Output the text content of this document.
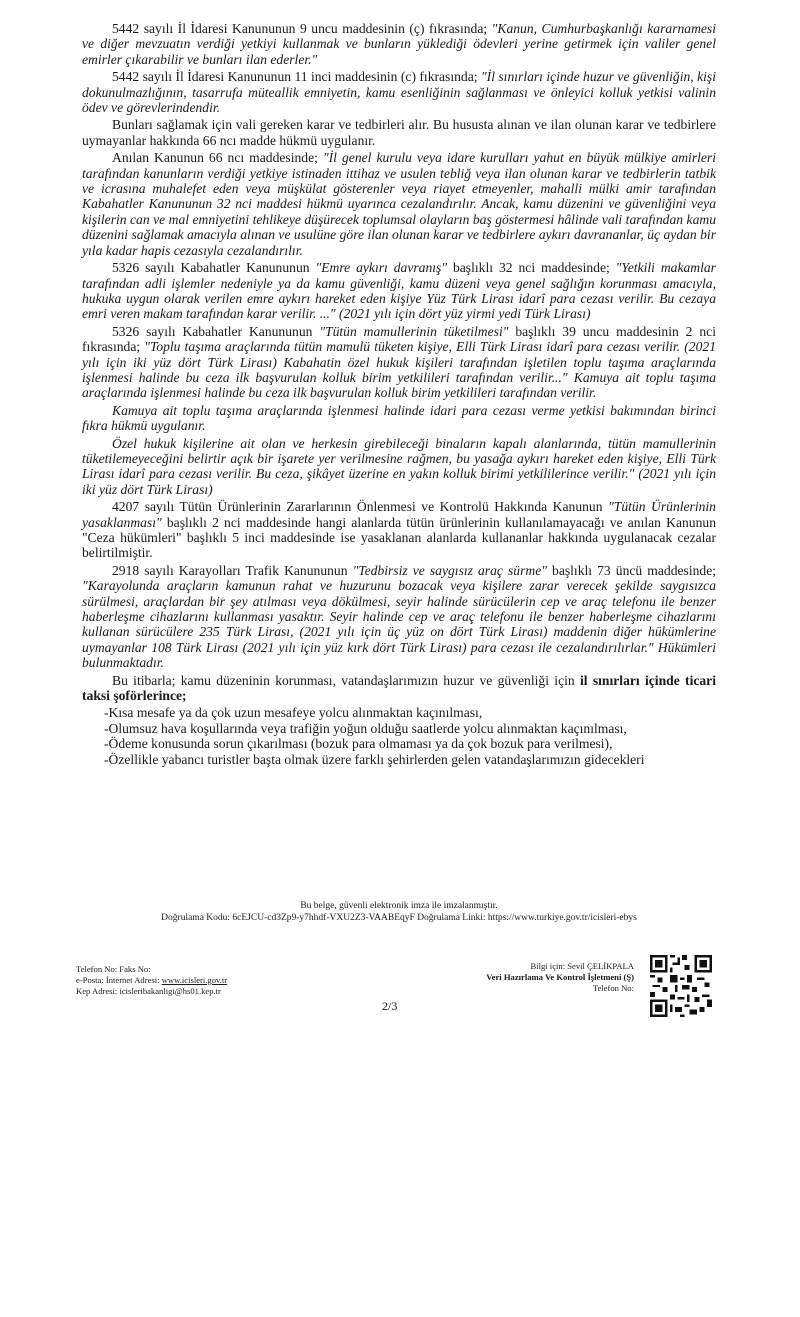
5442 sayılı İl İdaresi Kanununun 9 uncu maddesinin (ç) fıkrasında; "Kanun, Cumhurbaşkanlığı kararnamesi ve diğer mevzuatın verdiği yetkiyi kullanmak ve bunların yüklediği ödevleri yerine getirmek için valiler genel emirler çıkarabilir ve bunları ilan ederler."

5442 sayılı İl İdaresi Kanununun 11 inci maddesinin (c) fıkrasında; "İl sınırları içinde huzur ve güvenliğin, kişi dokunulmazlığının, tasarrufa müteallik emniyetin, kamu esenliğinin sağlanması ve önleyici kolluk yetkisi valinin ödev ve görevlerindendir.

Bunları sağlamak için vali gereken karar ve tedbirleri alır. Bu hususta alınan ve ilan olunan karar ve tedbirlere uymayanlar hakkında 66 ncı madde hükmü uygulanır.

Anılan Kanunun 66 ncı maddesinde; "İl genel kurulu veya idare kurulları yahut en büyük mülkiye amirleri tarafından kanunların verdiği yetkiye istinaden ittihaz ve usulen tebliğ veya ilan olunan karar ve tedbirlerin tatbik ve icrasına muhalefet eden veya müşkülat gösterenler veya riayet etmeyenler, mahalli mülki amir tarafından Kabahatler Kanununun 32 nci maddesi hükmü uyarınca cezalandırılır. Ancak, kamu düzenini ve güvenliğini veya kişilerin can ve mal emniyetini tehlikeye düşürecek toplumsal olayların baş göstermesi hâlinde vali tarafından kamu düzenini sağlamak amacıyla alınan ve usulüne göre ilan olunan karar ve tedbirlere aykırı davrananlar, üç aydan bir yıla kadar hapis cezasıyla cezalandırılır.

5326 sayılı Kabahatler Kanununun "Emre aykırı davranış" başlıklı 32 nci maddesinde; "Yetkili makamlar tarafından adli işlemler nedeniyle ya da kamu güvenliği, kamu düzeni veya genel sağlığın korunması amacıyla, hukuka uygun olarak verilen emre aykırı hareket eden kişiye Yüz Türk Lirası idarî para cezası verilir. Bu cezaya emri veren makam tarafından karar verilir. ..." (2021 yılı için dört yüz yirmi yedi Türk Lirası)

5326 sayılı Kabahatler Kanununun "Tütün mamullerinin tüketilmesi" başlıklı 39 uncu maddesinin 2 nci fıkrasında; "Toplu taşıma araçlarında tütün mamulü tüketen kişiye, Elli Türk Lirası idarî para cezası verilir. (2021 yılı için iki yüz dört Türk Lirası) Kabahatin özel hukuk kişileri tarafından işletilen toplu taşıma araçlarında işlenmesi halinde bu ceza ilk başvurulan kolluk birim yetkilileri tarafından verilir..." Kamuya ait toplu taşıma araçlarında işlenmesi halinde bu ceza ilk başvurulan kolluk birim yetkilileri tarafından verilir.

Kamuya ait toplu taşıma araçlarında işlenmesi halinde idari para cezası verme yetkisi bakımından birinci fıkra hükmü uygulanır.

Özel hukuk kişilerine ait olan ve herkesin girebileceği binaların kapalı alanlarında, tütün mamullerinin tüketilemeyeceğini belirtir açık bir işarete yer verilmesine rağmen, bu yasağa aykırı hareket eden kişiye, Elli Türk Lirası idarî para cezası verilir. Bu ceza, şikâyet üzerine en yakın kolluk birimi yetkililerince verilir." (2021 yılı için iki yüz dört Türk Lirası)

4207 sayılı Tütün Ürünlerinin Zararlarının Önlenmesi ve Kontrolü Hakkında Kanunun "Tütün Ürünlerinin yasaklanması" başlıklı 2 nci maddesinde hangi alanlarda tütün ürünlerinin kullanılamayacağı ve anılan Kanunun "Ceza hükümleri" başlıklı 5 inci maddesinde ise yasaklanan alanlarda kullananlar hakkında uygulanacak cezalar belirtilmiştir.

2918 sayılı Karayolları Trafik Kanununun "Tedbirsiz ve saygısız araç sürme" başlıklı 73 üncü maddesinde; "Karayolunda araçların kamunun rahat ve huzurunu bozacak veya kişilere zarar verecek şekilde saygısızca sürülmesi, araçlardan bir şey atılması veya dökülmesi, seyir halinde sürücülerin cep ve araç telefonu ile benzer haberleşme cihazlarını kullanması yasaktır. Seyir halinde cep ve araç telefonu ile benzer haberleşme cihazlarını kullanan sürücülere 235 Türk Lirası, (2021 yılı için üç yüz on dört Türk Lirası) maddenin diğer hükümlerine uymayanlar 108 Türk Lirası (2021 yılı için yüz kırk dört Türk Lirası) para cezası ile cezalandırılırlar." Hükümleri bulunmaktadır.

Bu itibarla; kamu düzeninin korunması, vatandaşlarımızın huzur ve güvenliği için il sınırları içinde ticari taksi şoförlerince;

-Kısa mesafe ya da çok uzun mesafeye yolcu alınmaktan kaçınılması,
-Olumsuz hava koşullarında veya trafiğin yoğun olduğu saatlerde yolcu alınmaktan kaçınılması,
-Ödeme konusunda sorun çıkarılması (bozuk para olmaması ya da çok bozuk para verilmesi),
-Özellikle yabancı turistler başta olmak üzere farklı şehirlerden gelen vatandaşlarımızın gidecekleri
Bu belge, güvenli elektronik imza ile imzalanmıştır.
Doğrulama Kodu: 6cEJCU-cd3Zp9-y7hhdf-VXU2Z3-VAABEqyF Doğrulama Linki: https://www.turkiye.gov.tr/icisleri-ebys
Telefon No: Faks No:
e-Posta: İnternet Adresi: www.icisleri.gov.tr
Kep Adresi: icisleribakanligi@hs01.kep.tr
Bilgi için: Sevil ÇELİKPALA
Veri Hazırlama Ve Kontrol İşletmeni (Ş)
Telefon No:
2/3
